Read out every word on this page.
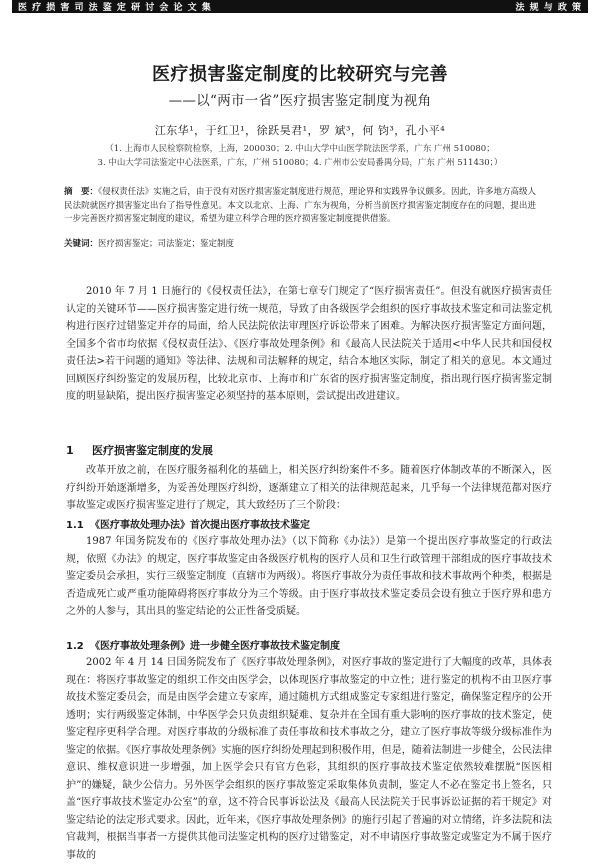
医 疗 损 害 司 法 鉴 定 研 讨 会 论 文 集	法 规 与 政 策
医疗损害鉴定制度的比较研究与完善
——以“两市一省”医疗损害鉴定制度为视角
江东华¹，于红卫¹，徐跃昊君¹，罗 斌³，何 钧³，孔小平⁴
（1. 上海市人民检察院检察，上海，200030；2. 中山大学中山医学院法医学系，广东 广州 510080；
3. 中山大学司法鉴定中心法医系，广东，广州 510080；4. 广州市公安局番禺分局，广东 广州 511430；）
摘　要：《侵权责任法》实施之后，由于没有对医疗损害鉴定制度进行规范，理论界和实践界争议颇多。因此，许多地方高级人民法院就医疗损害鉴定出台了指导性意见。本文以北京、上海、广东为视角，分析当前医疗损害鉴定制度存在的问题，提出进一步完善医疗损害鉴定制度的建议，希望为建立科学合理的医疗损害鉴定制度提供借鉴。
关键词：医疗损害鉴定；司法鉴定；鉴定制度

2010 年 7 月 1 日施行的《侵权责任法》，在第七章专门规定了“医疗损害责任”。但没有就医疗损害责任认定的关键环节——医疗损害鉴定进行统一规范，导致了由各级医学会组织的医疗事故技术鉴定和司法鉴定机构进行医疗过错鉴定并存的局面，给人民法院依法审理医疗诉讼带来了困难。为解决医疗损害鉴定方面问题，全国多个省市均依据《侵权责任法》、《医疗事故处理条例》和《最高人民法院关于适用<中华人民共和国侵权责任法>若干问题的通知》等法律、法规和司法解释的规定，结合本地区实际，制定了相关的意见。本文通过回顾医疗纠纷鉴定的发展历程，比较北京市、上海市和广东省的医疗损害鉴定制度，指出现行医疗损害鉴定制度的明显缺陷，提出医疗损害鉴定必须坚持的基本原则，尝试提出改进建议。

1 医疗损害鉴定制度的发展

改革开放之前，在医疗服务福利化的基础上，相关医疗纠纷案件不多。随着医疗体制改革的不断深入，医疗纠纷开始逐渐增多，为妥善处理医疗纠纷，逐渐建立了相关的法律规范起来，几乎每一个法律规范都对医疗事故鉴定或医疗损害鉴定进行了规定，其大致经历了三个阶段：

1.1 《医疗事故处理办法》首次提出医疗事故技术鉴定

1987 年国务院发布的《医疗事故处理办法》（以下简称《办法》）是第一个提出医疗事故鉴定的行政法规，依照《办法》的规定，医疗事故鉴定由各级医疗机构的医疗人员和卫生行政管理干部组成的医疗事故技术鉴定委员会承担，实行三级鉴定制度（直辖市为两级）。将医疗事故分为责任事故和技术事故两个种类，根据是否造成死亡或严重功能障碍将医疗事故分为三个等级。由于医疗事故技术鉴定委员会设有独立于医疗界和患方之外的人参与，其出具的鉴定结论的公正性备受质疑。

1.2 《医疗事故处理条例》进一步健全医疗事故技术鉴定制度

2002 年 4 月 14 日国务院发布了《医疗事故处理条例》，对医疗事故的鉴定进行了大幅度的改革，具体表现在：将医疗事故鉴定的组织工作交由医学会，以体现医疗事故鉴定的中立性；进行鉴定的机构不由卫医疗事故技术鉴定委员会，而是由医学会建立专家库，通过随机方式组成鉴定专家组进行鉴定，确保鉴定程序的公开透明；实行两级鉴定体制，中华医学会只负责组织疑难、复杂并在全国有重大影响的医疗事故的技术鉴定，使鉴定程序更科学合理。对医疗事故的分级标准了责任事故和技术事故之分，建立了医疗事故等级分级标准作为鉴定的依据。《医疗事故处理条例》实施的医疗纠纷处理起到积极作用，但是，随着法制进一步健全，公民法律意识、维权意识进一步增强，加上医学会只有官方色彩，其组织的医疗事故技术鉴定依然较难摆脱“医医相护”的嫌疑，缺少公信力。另外医学会组织的医疗事故鉴定采取集体负责制，鉴定人不必在鉴定书上签名，只盖“医疗事故技术鉴定办公室”的章，这不符合民事诉讼法及《最高人民法院关于民事诉讼证据的若干规定》对鉴定结论的法定形式要求。因此，近年来，《医疗事故处理条例》的施行引起了普遍的对立情绪，许多法院和法官裁判，根据当事者一方提供其他司法鉴定机构的医疗过错鉴定，对不申请医疗事故鉴定或鉴定为不属于医疗事故的
